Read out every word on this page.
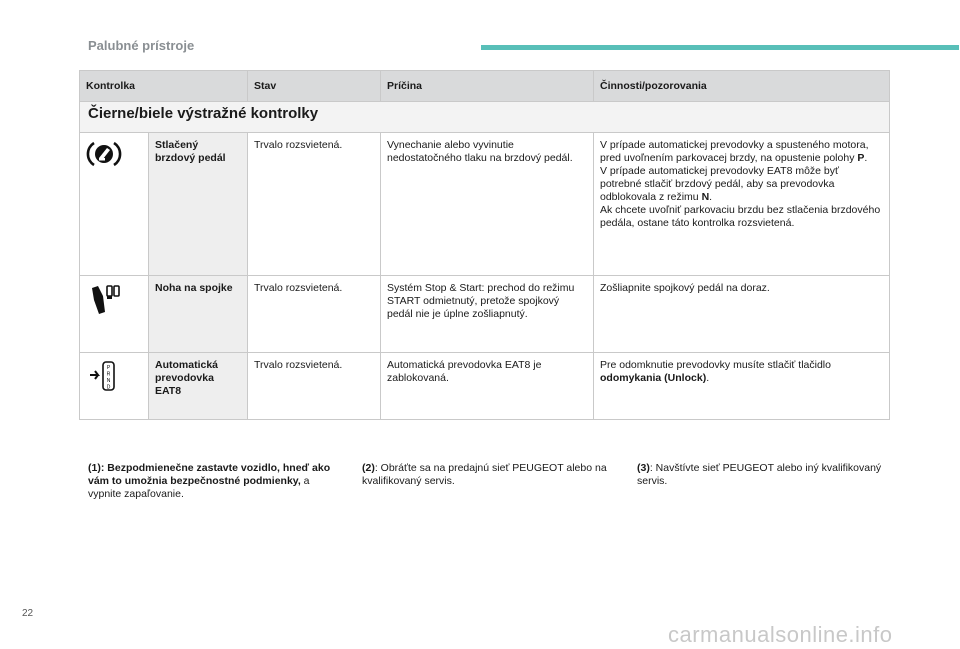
Palubné prístroje
Kontrolka		Stav	Príčina	Činnosti/pozorovania
Čierne/biele výstražné kontrolky				
	Stlačený brzdový pedál	Trvalo rozsvietená.	Vynechanie alebo vyvinutie nedostatočného tlaku na brzdový pedál.	V prípade automatickej prevodovky a spusteného motora, pred uvoľnením parkovacej brzdy, na opustenie polohy P.
V prípade automatickej prevodovky EAT8 môže byť potrebné stlačiť brzdový pedál, aby sa prevodovka odblokovala z režimu N.
Ak chcete uvoľniť parkovaciu brzdu bez stlačenia brzdového pedála, ostane táto kontrolka rozsvietená.
	Noha na spojke	Trvalo rozsvietená.	Systém Stop & Start: prechod do režimu START odmietnutý, pretože spojkový pedál nie je úplne zošliapnutý.	Zošliapnite spojkový pedál na doraz.

P
R
N
D	Automatická prevodovka EAT8	Trvalo rozsvietená.	Automatická prevodovka EAT8 je zablokovaná.	Pre odomknutie prevodovky musíte stlačiť tlačidlo odomykania (Unlock).
(1): Bezpodmienečne zastavte vozidlo, hneď ako vám to umožnia bezpečnostné podmienky, a vypnite zapaľovanie.
(2): Obráťte sa na predajnú sieť PEUGEOT alebo na kvalifikovaný servis.
(3): Navštívte sieť PEUGEOT alebo iný kvalifikovaný servis.
22
carmanualsonline.info
